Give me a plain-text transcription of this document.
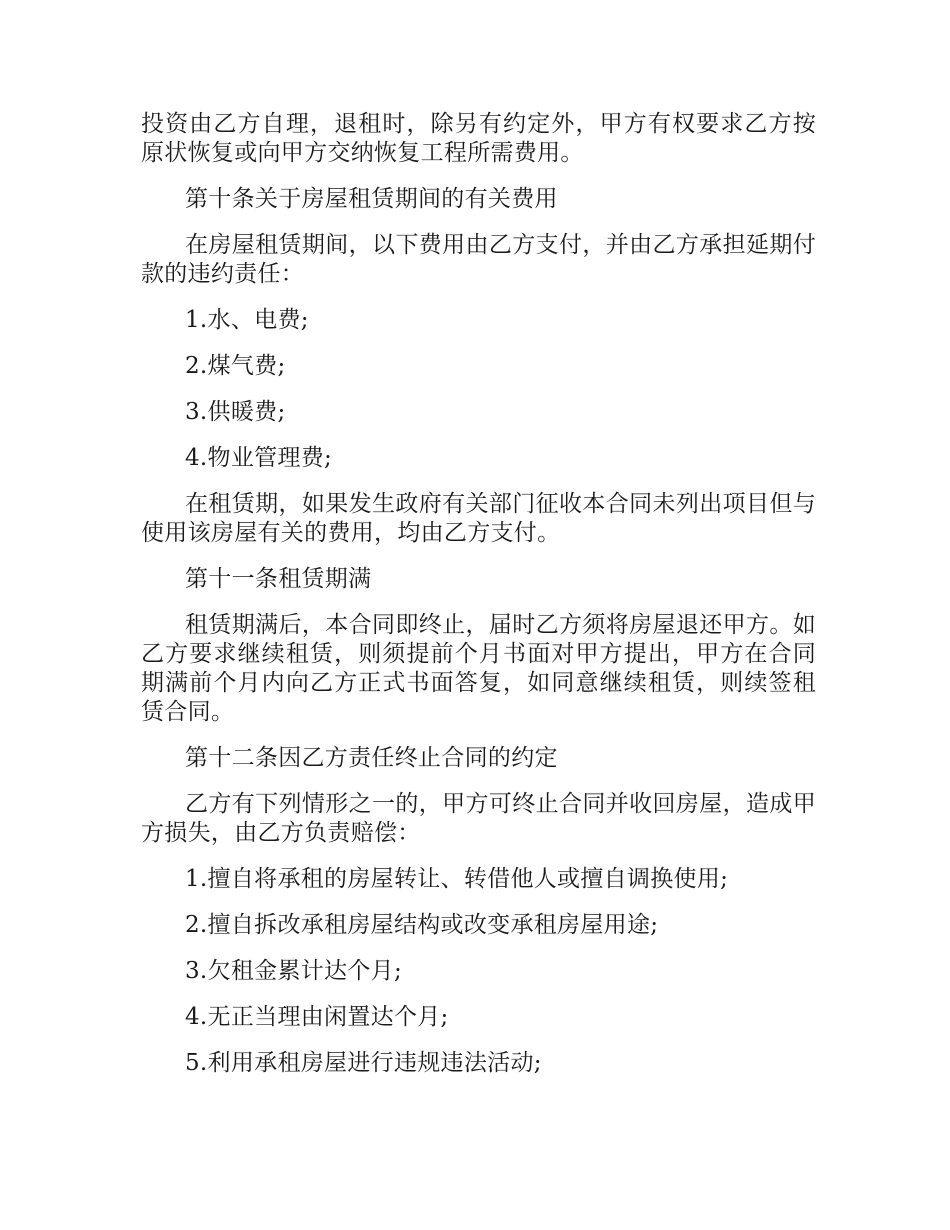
投资由乙方自理，退租时，除另有约定外，甲方有权要求乙方按原状恢复或向甲方交纳恢复工程所需费用。

第十条关于房屋租赁期间的有关费用

在房屋租赁期间，以下费用由乙方支付，并由乙方承担延期付款的违约责任：

1.水、电费;

2.煤气费;

3.供暖费;

4.物业管理费;

在租赁期，如果发生政府有关部门征收本合同未列出项目但与使用该房屋有关的费用，均由乙方支付。

第十一条租赁期满

租赁期满后，本合同即终止，届时乙方须将房屋退还甲方。如乙方要求继续租赁，则须提前个月书面对甲方提出，甲方在合同期满前个月内向乙方正式书面答复，如同意继续租赁，则续签租赁合同。

第十二条因乙方责任终止合同的约定

乙方有下列情形之一的，甲方可终止合同并收回房屋，造成甲方损失，由乙方负责赔偿：

1.擅自将承租的房屋转让、转借他人或擅自调换使用;

2.擅自拆改承租房屋结构或改变承租房屋用途;

3.欠租金累计达个月;

4.无正当理由闲置达个月;

5.利用承租房屋进行违规违法活动;
